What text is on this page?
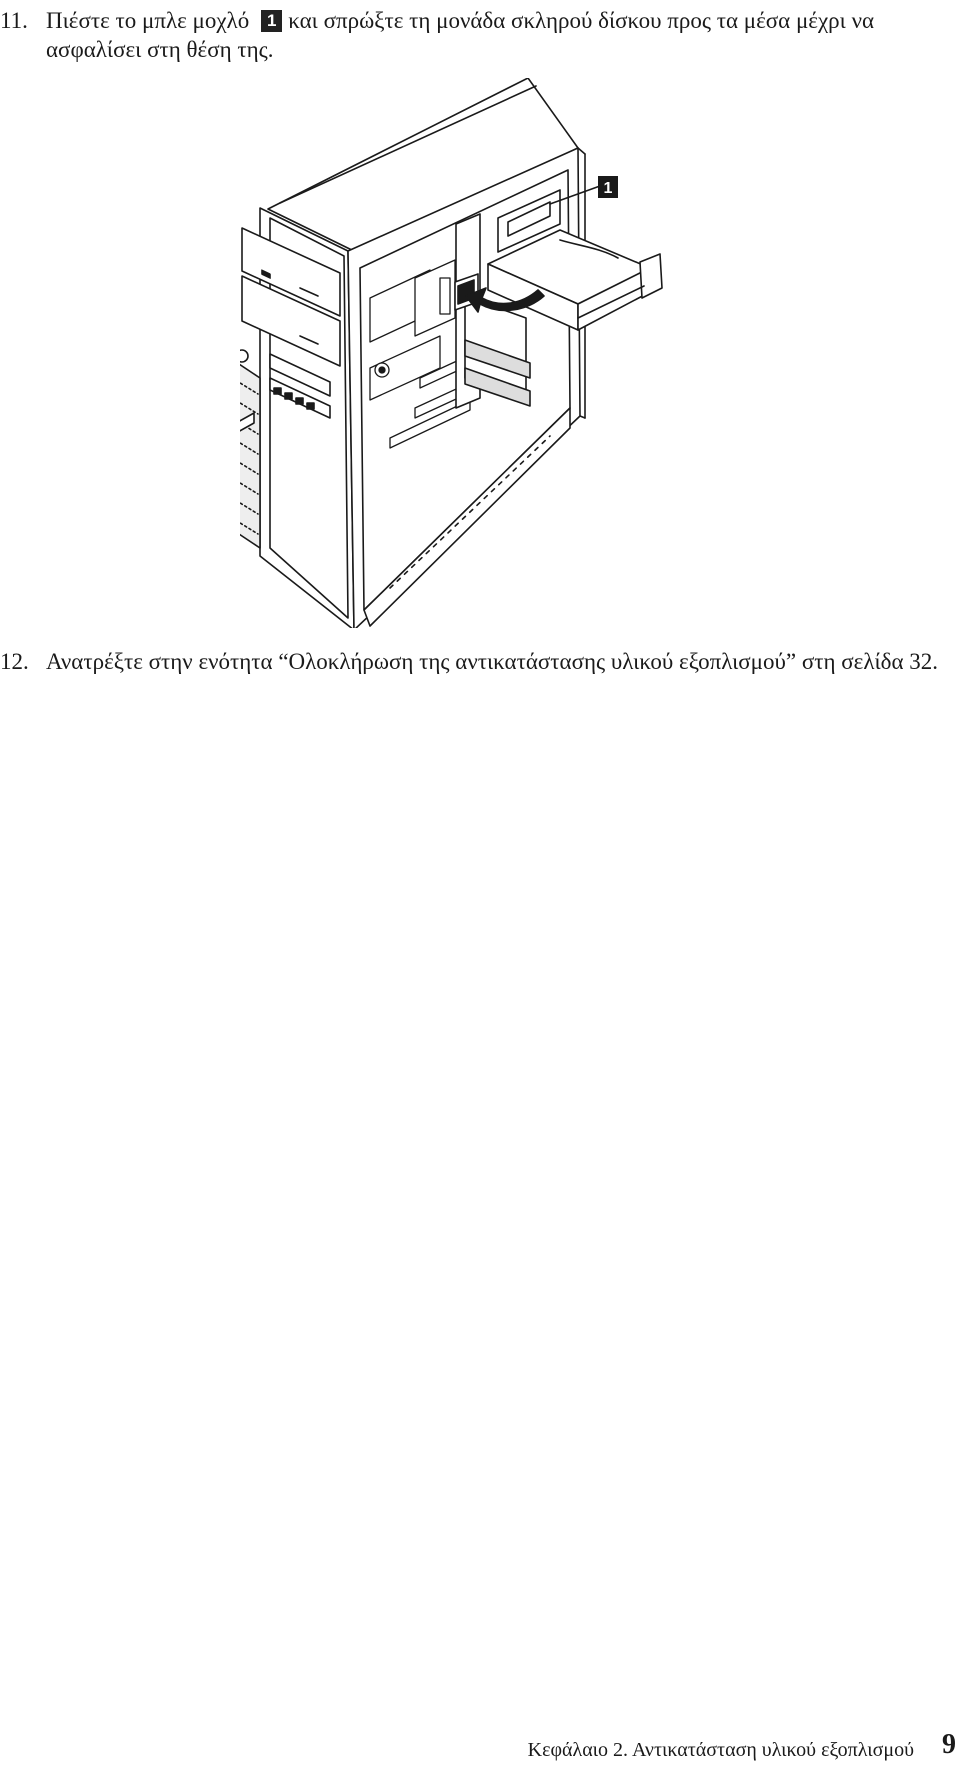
11. Πιέστε το μπλε μοχλό 1 και σπρώξτε τη μονάδα σκληρού δίσκου προς τα μέσα μέχρι να ασφαλίσει στη θέση της.
1
12. Ανατρέξτε στην ενότητα “Ολοκλήρωση της αντικατάστασης υλικού εξοπλισμού” στη σελίδα 32.
Κεφάλαιο 2. Αντικατάσταση υλικού εξοπλισμού 9
